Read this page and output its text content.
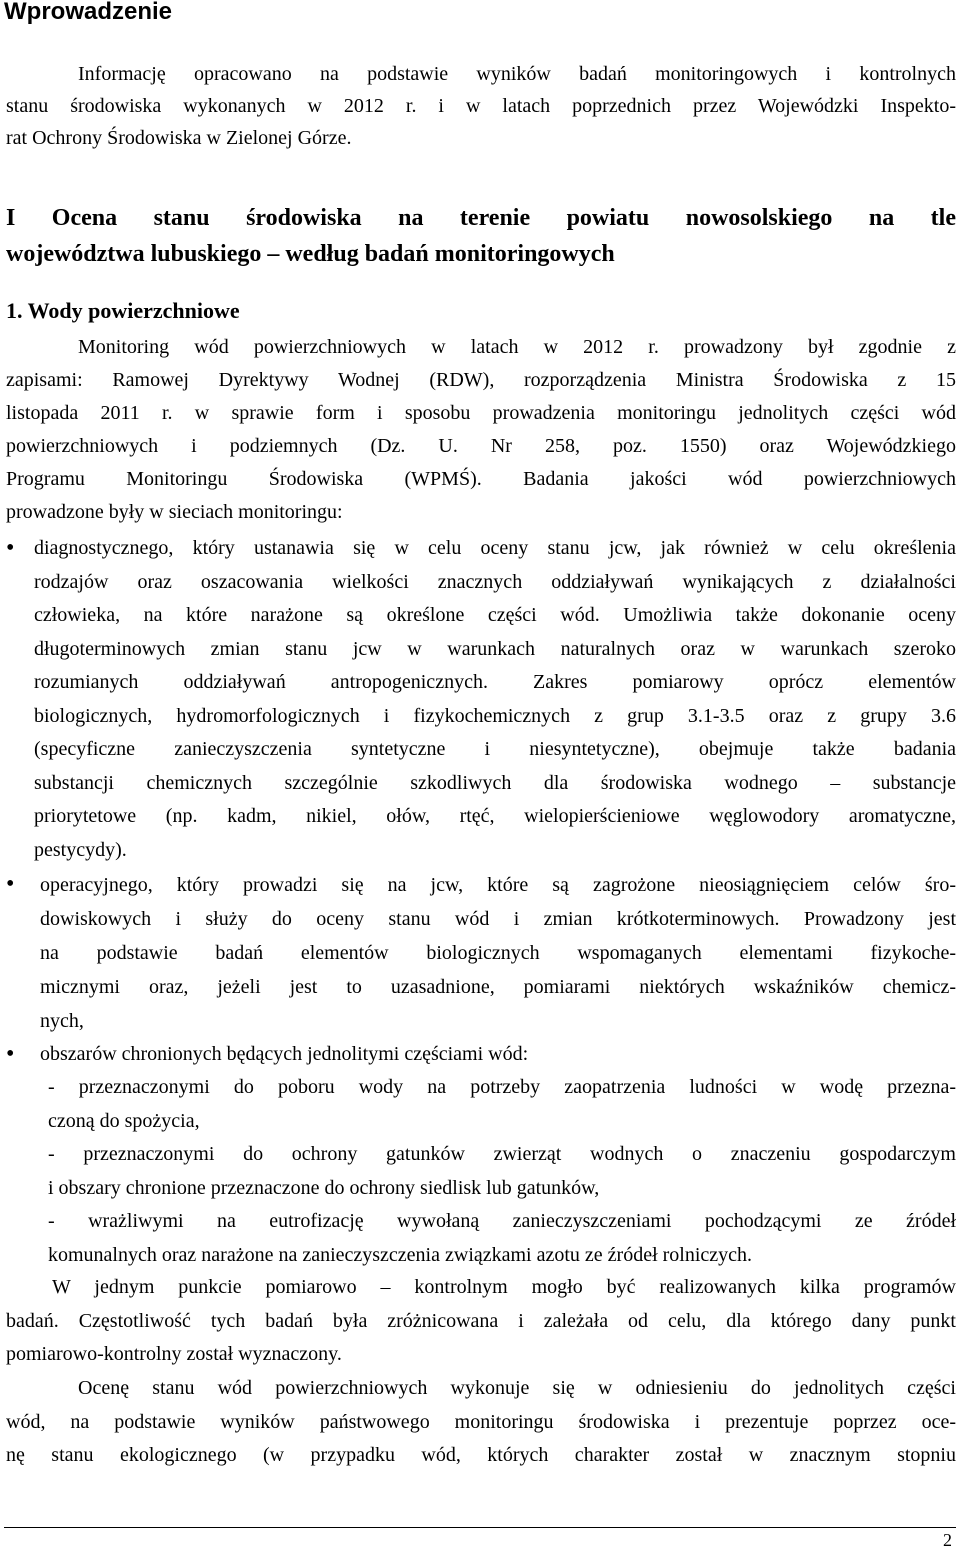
Wprowadzenie
Informację opracowano na podstawie wyników badań monitoringowych i kontrolnych
stanu środowiska wykonanych w 2012 r. i w latach poprzednich przez Wojewódzki Inspekto-
rat Ochrony Środowiska w Zielonej Górze.
I Ocena stanu środowiska na terenie powiatu nowosolskiego na tle
województwa lubuskiego – według badań monitoringowych
1. Wody powierzchniowe
Monitoring wód powierzchniowych w latach w 2012 r. prowadzony był zgodnie z
zapisami: Ramowej Dyrektywy Wodnej (RDW), rozporządzenia Ministra Środowiska z 15
listopada 2011 r. w sprawie form i sposobu prowadzenia monitoringu jednolitych części wód
powierzchniowych i podziemnych (Dz. U. Nr 258, poz. 1550) oraz Wojewódzkiego
Programu Monitoringu Środowiska (WPMŚ). Badania jakości wód powierzchniowych
prowadzone były w sieciach monitoringu:
• diagnostycznego, który ustanawia się w celu oceny stanu jcw, jak również w celu określenia
rodzajów oraz oszacowania wielkości znacznych oddziaływań wynikających z działalności
człowieka, na które narażone są określone części wód. Umożliwia także dokonanie oceny
długoterminowych zmian stanu jcw w warunkach naturalnych oraz w warunkach szeroko
rozumianych oddziaływań antropogenicznych. Zakres pomiarowy oprócz elementów
biologicznych, hydromorfologicznych i fizykochemicznych z grup 3.1-3.5 oraz z grupy 3.6
(specyficzne zanieczyszczenia syntetyczne i niesyntetyczne), obejmuje także badania
substancji chemicznych szczególnie szkodliwych dla środowiska wodnego – substancje
priorytetowe (np. kadm, nikiel, ołów, rtęć, wielopierścieniowe węglowodory aromatyczne,
pestycydy).
• operacyjnego, który prowadzi się na jcw, które są zagrożone nieosiągnięciem celów śro-
dowiskowych i służy do oceny stanu wód i zmian krótkoterminowych. Prowadzony jest
na podstawie badań elementów biologicznych wspomaganych elementami fizykoche-
micznymi oraz, jeżeli jest to uzasadnione, pomiarami niektórych wskaźników chemicz-
nych,
• obszarów chronionych będących jednolitymi częściami wód:
- przeznaczonymi do poboru wody na potrzeby zaopatrzenia ludności w wodę przezna-
czoną do spożycia,
- przeznaczonymi do ochrony gatunków zwierząt wodnych o znaczeniu gospodarczym
i obszary chronione przeznaczone do ochrony siedlisk lub gatunków,
- wrażliwymi na eutrofizację wywołaną zanieczyszczeniami pochodzącymi ze źródeł
komunalnych oraz narażone na zanieczyszczenia związkami azotu ze źródeł rolniczych.
W jednym punkcie pomiarowo – kontrolnym mogło być realizowanych kilka programów
badań. Częstotliwość tych badań była zróżnicowana i zależała od celu, dla którego dany punkt
pomiarowo-kontrolny został wyznaczony.
Ocenę stanu wód powierzchniowych wykonuje się w odniesieniu do jednolitych części
wód, na podstawie wyników państwowego monitoringu środowiska i prezentuje poprzez oce-
nę stanu ekologicznego (w przypadku wód, których charakter został w znacznym stopniu
2
